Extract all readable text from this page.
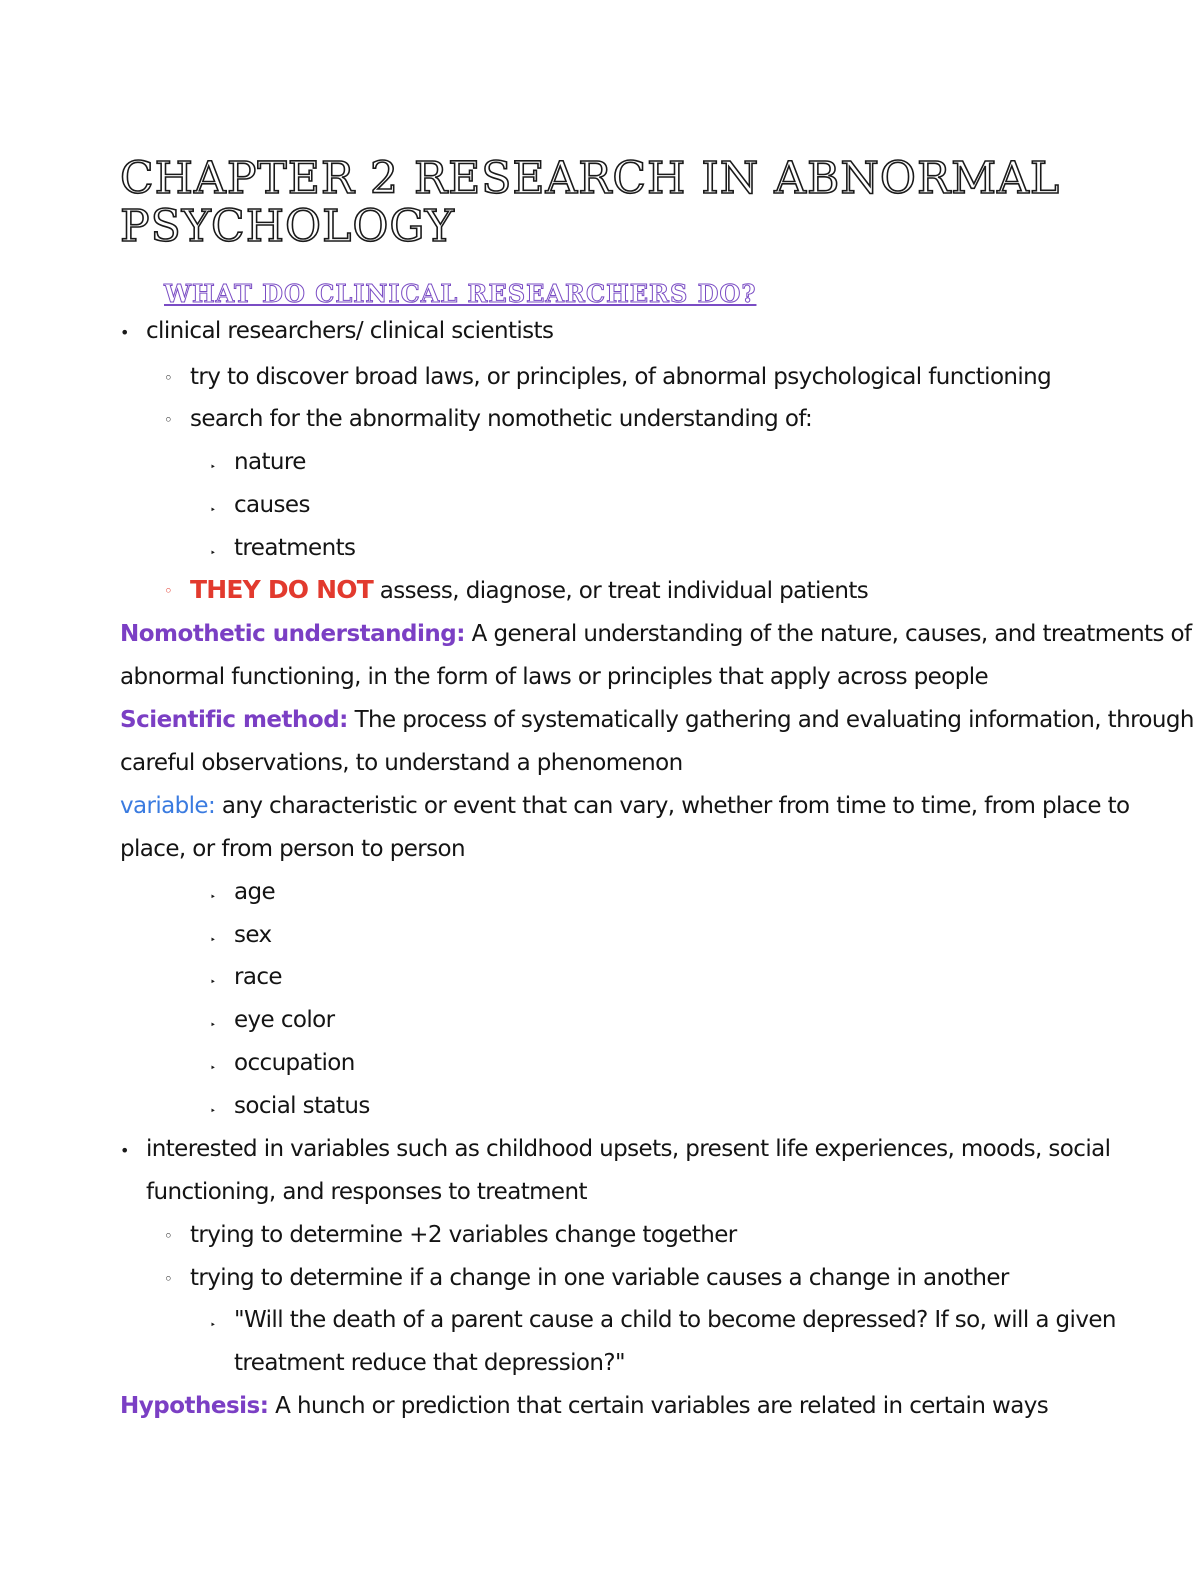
CHAPTER 2 RESEARCH IN ABNORMAL PSYCHOLOGY
WHAT DO CLINICAL RESEARCHERS DO?
• clinical researchers/ clinical scientists
◦ try to discover broad laws, or principles, of abnormal psychological functioning
◦ search for the abnormality nomothetic understanding of:
‣ nature
‣ causes
‣ treatments
◦ THEY DO NOT assess, diagnose, or treat individual patients
Nomothetic understanding: A general understanding of the nature, causes, and treatments of
abnormal functioning, in the form of laws or principles that apply across people
Scientific method: The process of systematically gathering and evaluating information, through
careful observations, to understand a phenomenon
variable: any characteristic or event that can vary, whether from time to time, from place to
place, or from person to person
‣ age
‣ sex
‣ race
‣ eye color
‣ occupation
‣ social status
• interested in variables such as childhood upsets, present life experiences, moods, social
functioning, and responses to treatment
◦ trying to determine +2 variables change together
◦ trying to determine if a change in one variable causes a change in another
‣ "Will the death of a parent cause a child to become depressed? If so, will a given
treatment reduce that depression?"
Hypothesis: A hunch or prediction that certain variables are related in certain ways
